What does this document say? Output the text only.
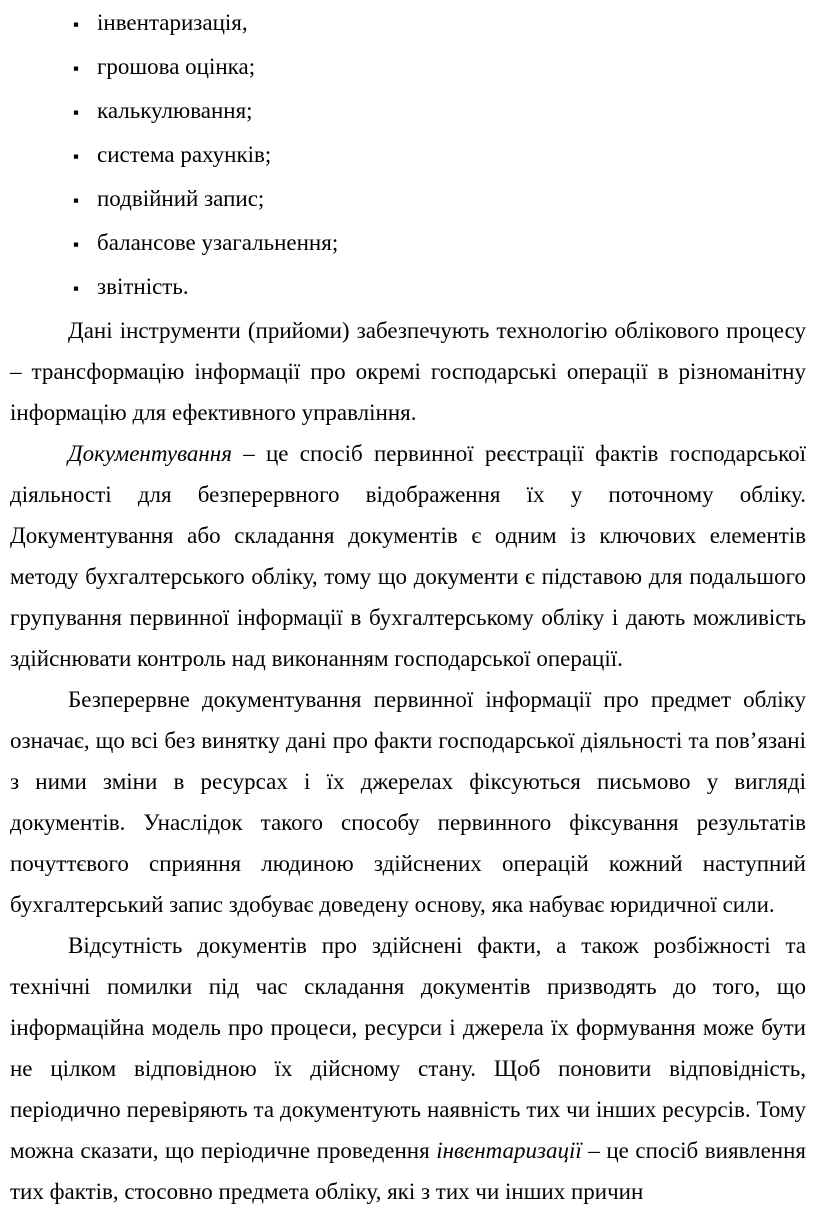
▪ інвентаризація,
▪ грошова оцінка;
▪ калькулювання;
▪ система рахунків;
▪ подвійний запис;
▪ балансове узагальнення;
▪ звітність.

Дані інструменти (прийоми) забезпечують технологію облікового процесу – трансформацію інформації про окремі господарські операції в різноманітну інформацію для ефективного управління.

Документування – це спосіб первинної реєстрації фактів господарської діяльності для безперервного відображення їх у поточному обліку. Документування або складання документів є одним із ключових елементів методу бухгалтерського обліку, тому що документи є підставою для подальшого групування первинної інформації в бухгалтерському обліку і дають можливість здійснювати контроль над виконанням господарської операції.

Безперервне документування первинної інформації про предмет обліку означає, що всі без винятку дані про факти господарської діяльності та пов’язані з ними зміни в ресурсах і їх джерелах фіксуються письмово у вигляді документів. Унаслідок такого способу первинного фіксування результатів почуттєвого сприяння людиною здійснених операцій кожний наступний бухгалтерський запис здобуває доведену основу, яка набуває юридичної сили.

Відсутність документів про здійснені факти, а також розбіжності та технічні помилки під час складання документів призводять до того, що інформаційна модель про процеси, ресурси і джерела їх формування може бути не цілком відповідною їх дійсному стану. Щоб поновити відповідність, періодично перевіряють та документують наявність тих чи інших ресурсів. Тому можна сказати, що періодичне проведення інвентаризації – це спосіб виявлення тих фактів, стосовно предмета обліку, які з тих чи інших причин
